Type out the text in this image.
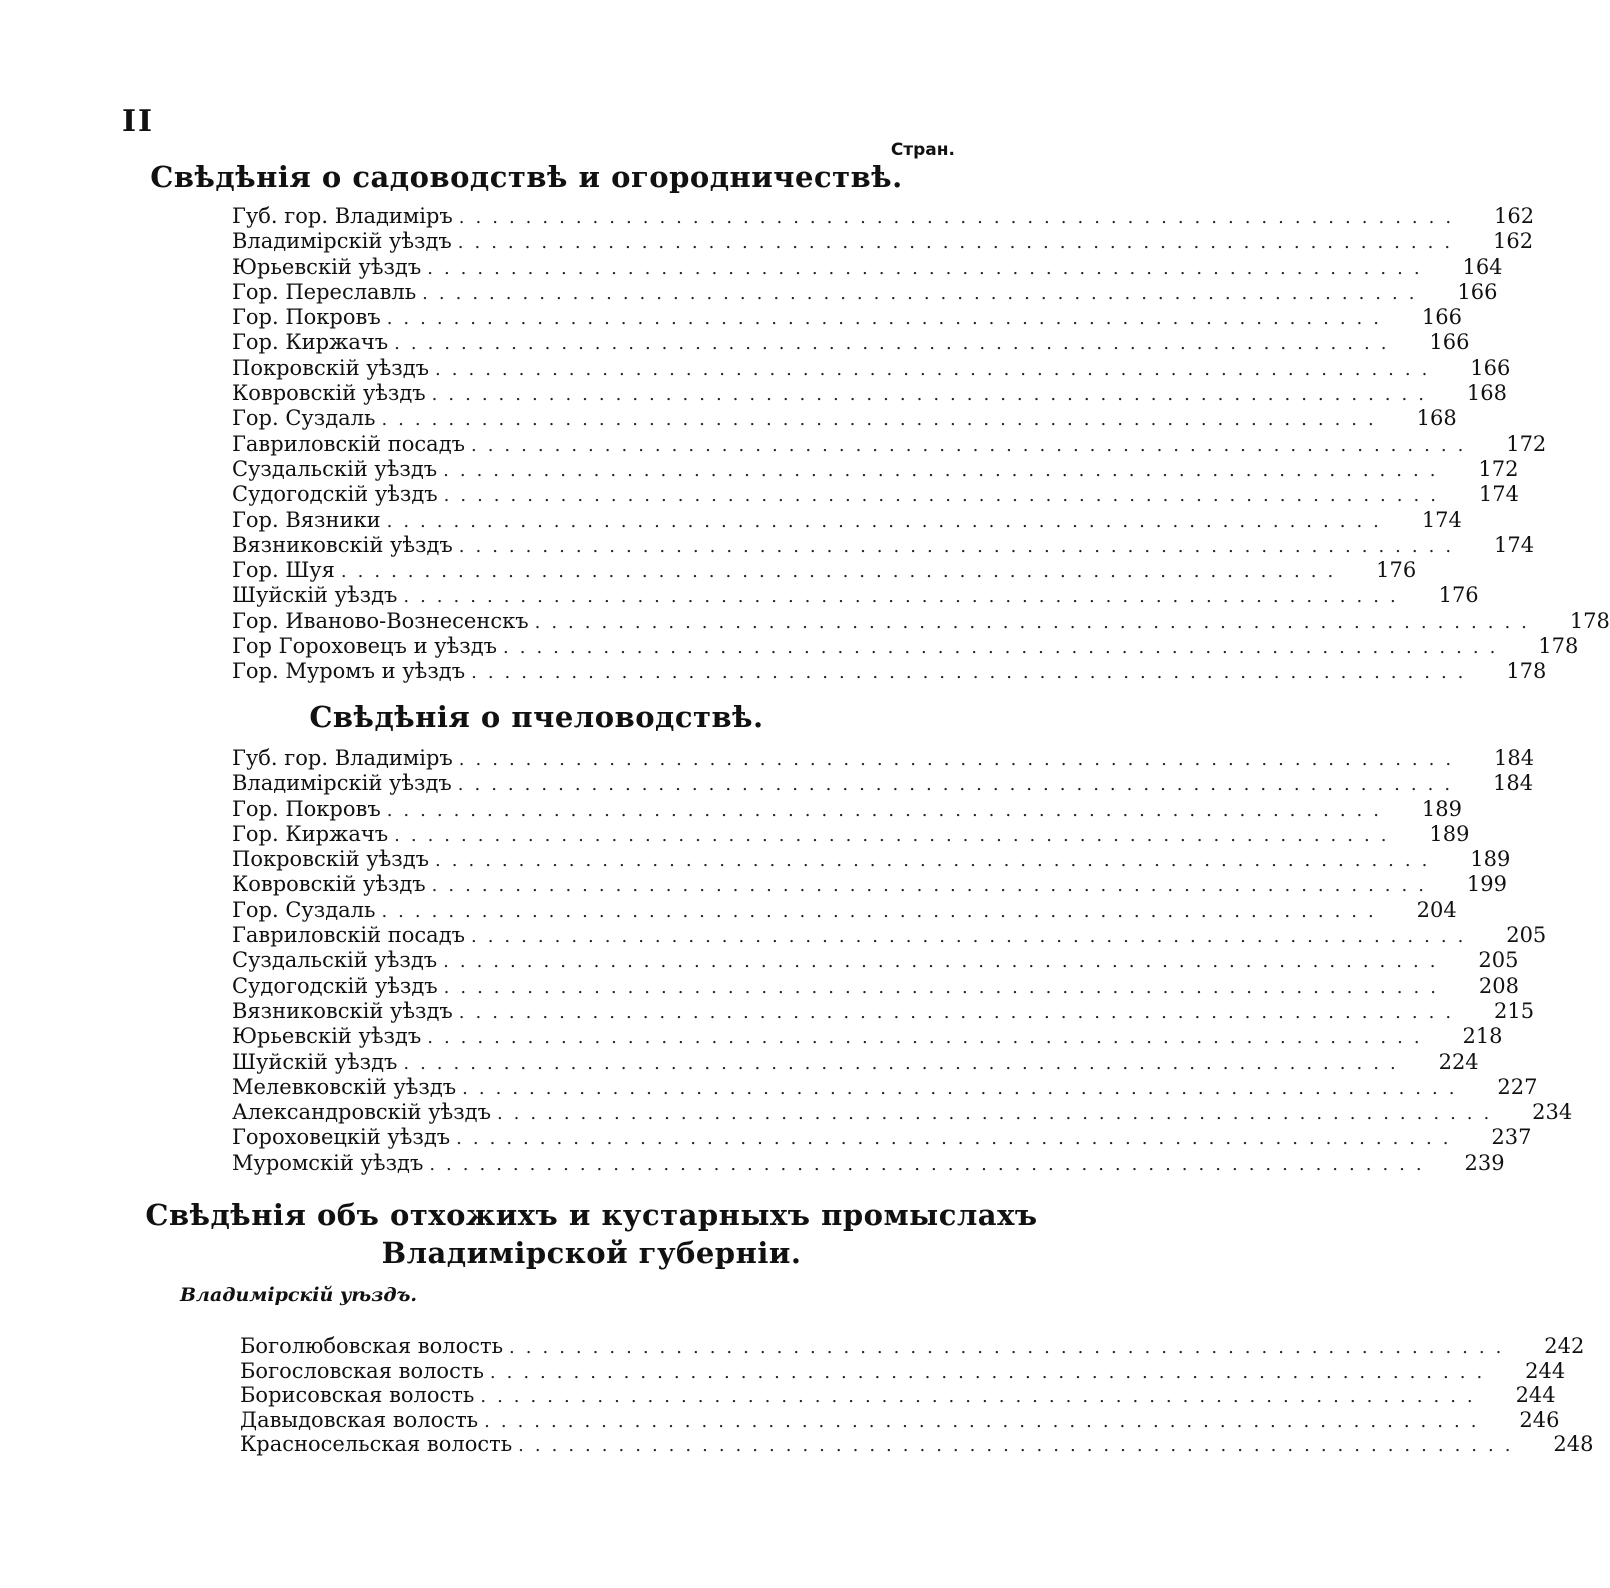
II
Стран.
Свѣдѣнія о садоводствѣ и огородничествѣ.
Губ. гор. Владиміръ ............................................................	162
Владимірскій уѣздъ ............................................................	162
Юрьевскій уѣздъ ............................................................	164
Гор. Переславль ............................................................	166
Гор. Покровъ ............................................................	166
Гор. Киржачъ ............................................................	166
Покровскій уѣздъ ............................................................	166
Ковровскій уѣздъ ............................................................	168
Гор. Суздаль ............................................................	168
Гавриловскій посадъ ............................................................	172
Суздальскій уѣздъ ............................................................	172
Судогодскій уѣздъ ............................................................	174
Гор. Вязники ............................................................	174
Вязниковскій уѣздъ ............................................................	174
Гор. Шуя ............................................................	176
Шуйскій уѣздъ ............................................................	176
Гор. Иваново-Вознесенскъ ............................................................	178
Гор Гороховецъ и уѣздъ ............................................................	178
Гор. Муромъ и уѣздъ ............................................................	178
Свѣдѣнія о пчеловодствѣ.
Губ. гор. Владиміръ ............................................................	184
Владимірскій уѣздъ ............................................................	184
Гор. Покровъ ............................................................	189
Гор. Киржачъ ............................................................	189
Покровскій уѣздъ ............................................................	189
Ковровскій уѣздъ ............................................................	199
Гор. Суздаль ............................................................	204
Гавриловскій посадъ ............................................................	205
Суздальскій уѣздъ ............................................................	205
Судогодскій уѣздъ ............................................................	208
Вязниковскій уѣздъ ............................................................	215
Юрьевскій уѣздъ ............................................................	218
Шуйскій уѣздъ ............................................................	224
Мелевковскій уѣздъ ............................................................	227
Александровскій уѣздъ ............................................................	234
Гороховецкій уѣздъ ............................................................	237
Муромскій уѣздъ ............................................................	239
Свѣдѣнія объ отхожихъ и кустарныхъ промыслахъ
Владимірской губерніи.
Владимірскій уѣздъ.
Боголюбовская волость ............................................................	242
Богословская волость ............................................................	244
Борисовская волость ............................................................	244
Давыдовская волость ............................................................	246
Красносельская волость ............................................................	248
